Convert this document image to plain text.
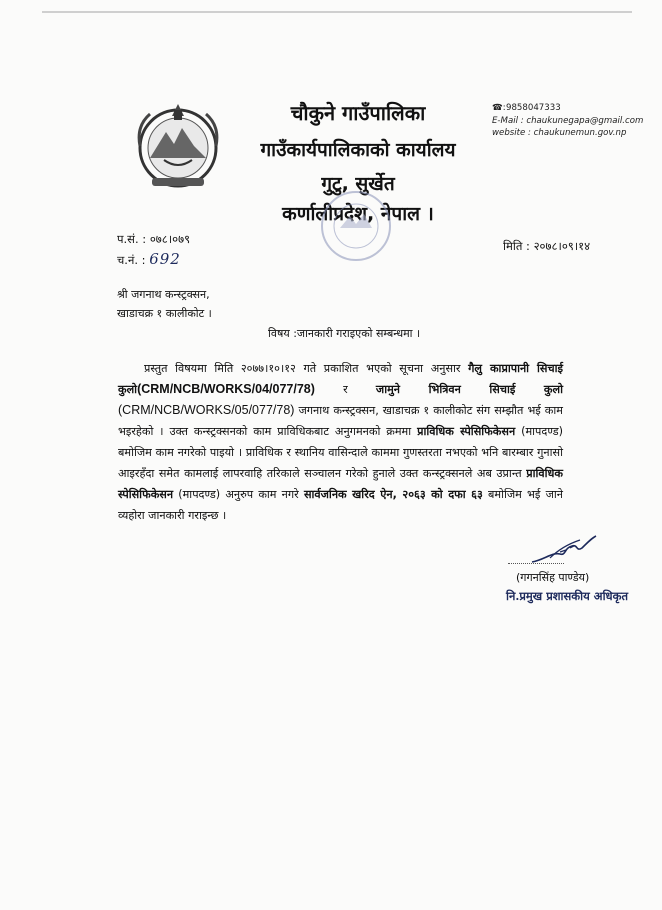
चौकुने गाउँपालिका
गाउँकार्यपालिकाको कार्यालय
गुटु, सुर्खेत
कर्णालीप्रदेश, नेपाल ।
☎:9858047333
E-Mail : chaukunegapa@gmail.com
website : chaukunemun.gov.np
प.सं. : ०७८।०७९
च.नं. : 692
मिति : २०७८।०९।१४
श्री जगनाथ कन्स्ट्रक्सन,
खाडाचक्र १ कालीकोट ।
विषय :जानकारी गराइएको सम्बन्धमा ।
प्रस्तुत विषयमा मिति २०७७।१०।१२ गते प्रकाशित भएको सूचना अनुसार गैलु काप्रापानी सिचाई कुलो(CRM/NCB/WORKS/04/077/78)	र	जामुने भित्रिवन सिचाई कुलो (CRM/NCB/WORKS/05/077/78) जगनाथ कन्स्ट्रक्सन, खाडाचक्र १ कालीकोट संग सम्झौत भई काम भइरहेको । उक्त कन्स्ट्रक्सनको काम प्राविधिकबाट अनुगमनको क्रममा प्राविधिक स्पेसिफिकेसन (मापदण्ड) बमोजिम काम नगरेको पाइयो । प्राविधिक र स्थानिय वासिन्दाले काममा गुणस्तरता नभएको भनि बारम्बार गुनासो आइरहँदा समेत कामलाई लापरवाहि तरिकाले सञ्चालन गरेको हुनाले उक्त कन्स्ट्रक्सनले अब उप्रान्त प्राविधिक स्पेसिफिकेसन (मापदण्ड) अनुरुप काम नगरे सार्वजनिक खरिद ऐन, २०६३ को दफा ६३ बमोजिम भई जाने व्यहोरा जानकारी गराइन्छ ।
(गगनसिंह पाण्डेय)
नि.प्रमुख प्रशासकीय अधिकृत
